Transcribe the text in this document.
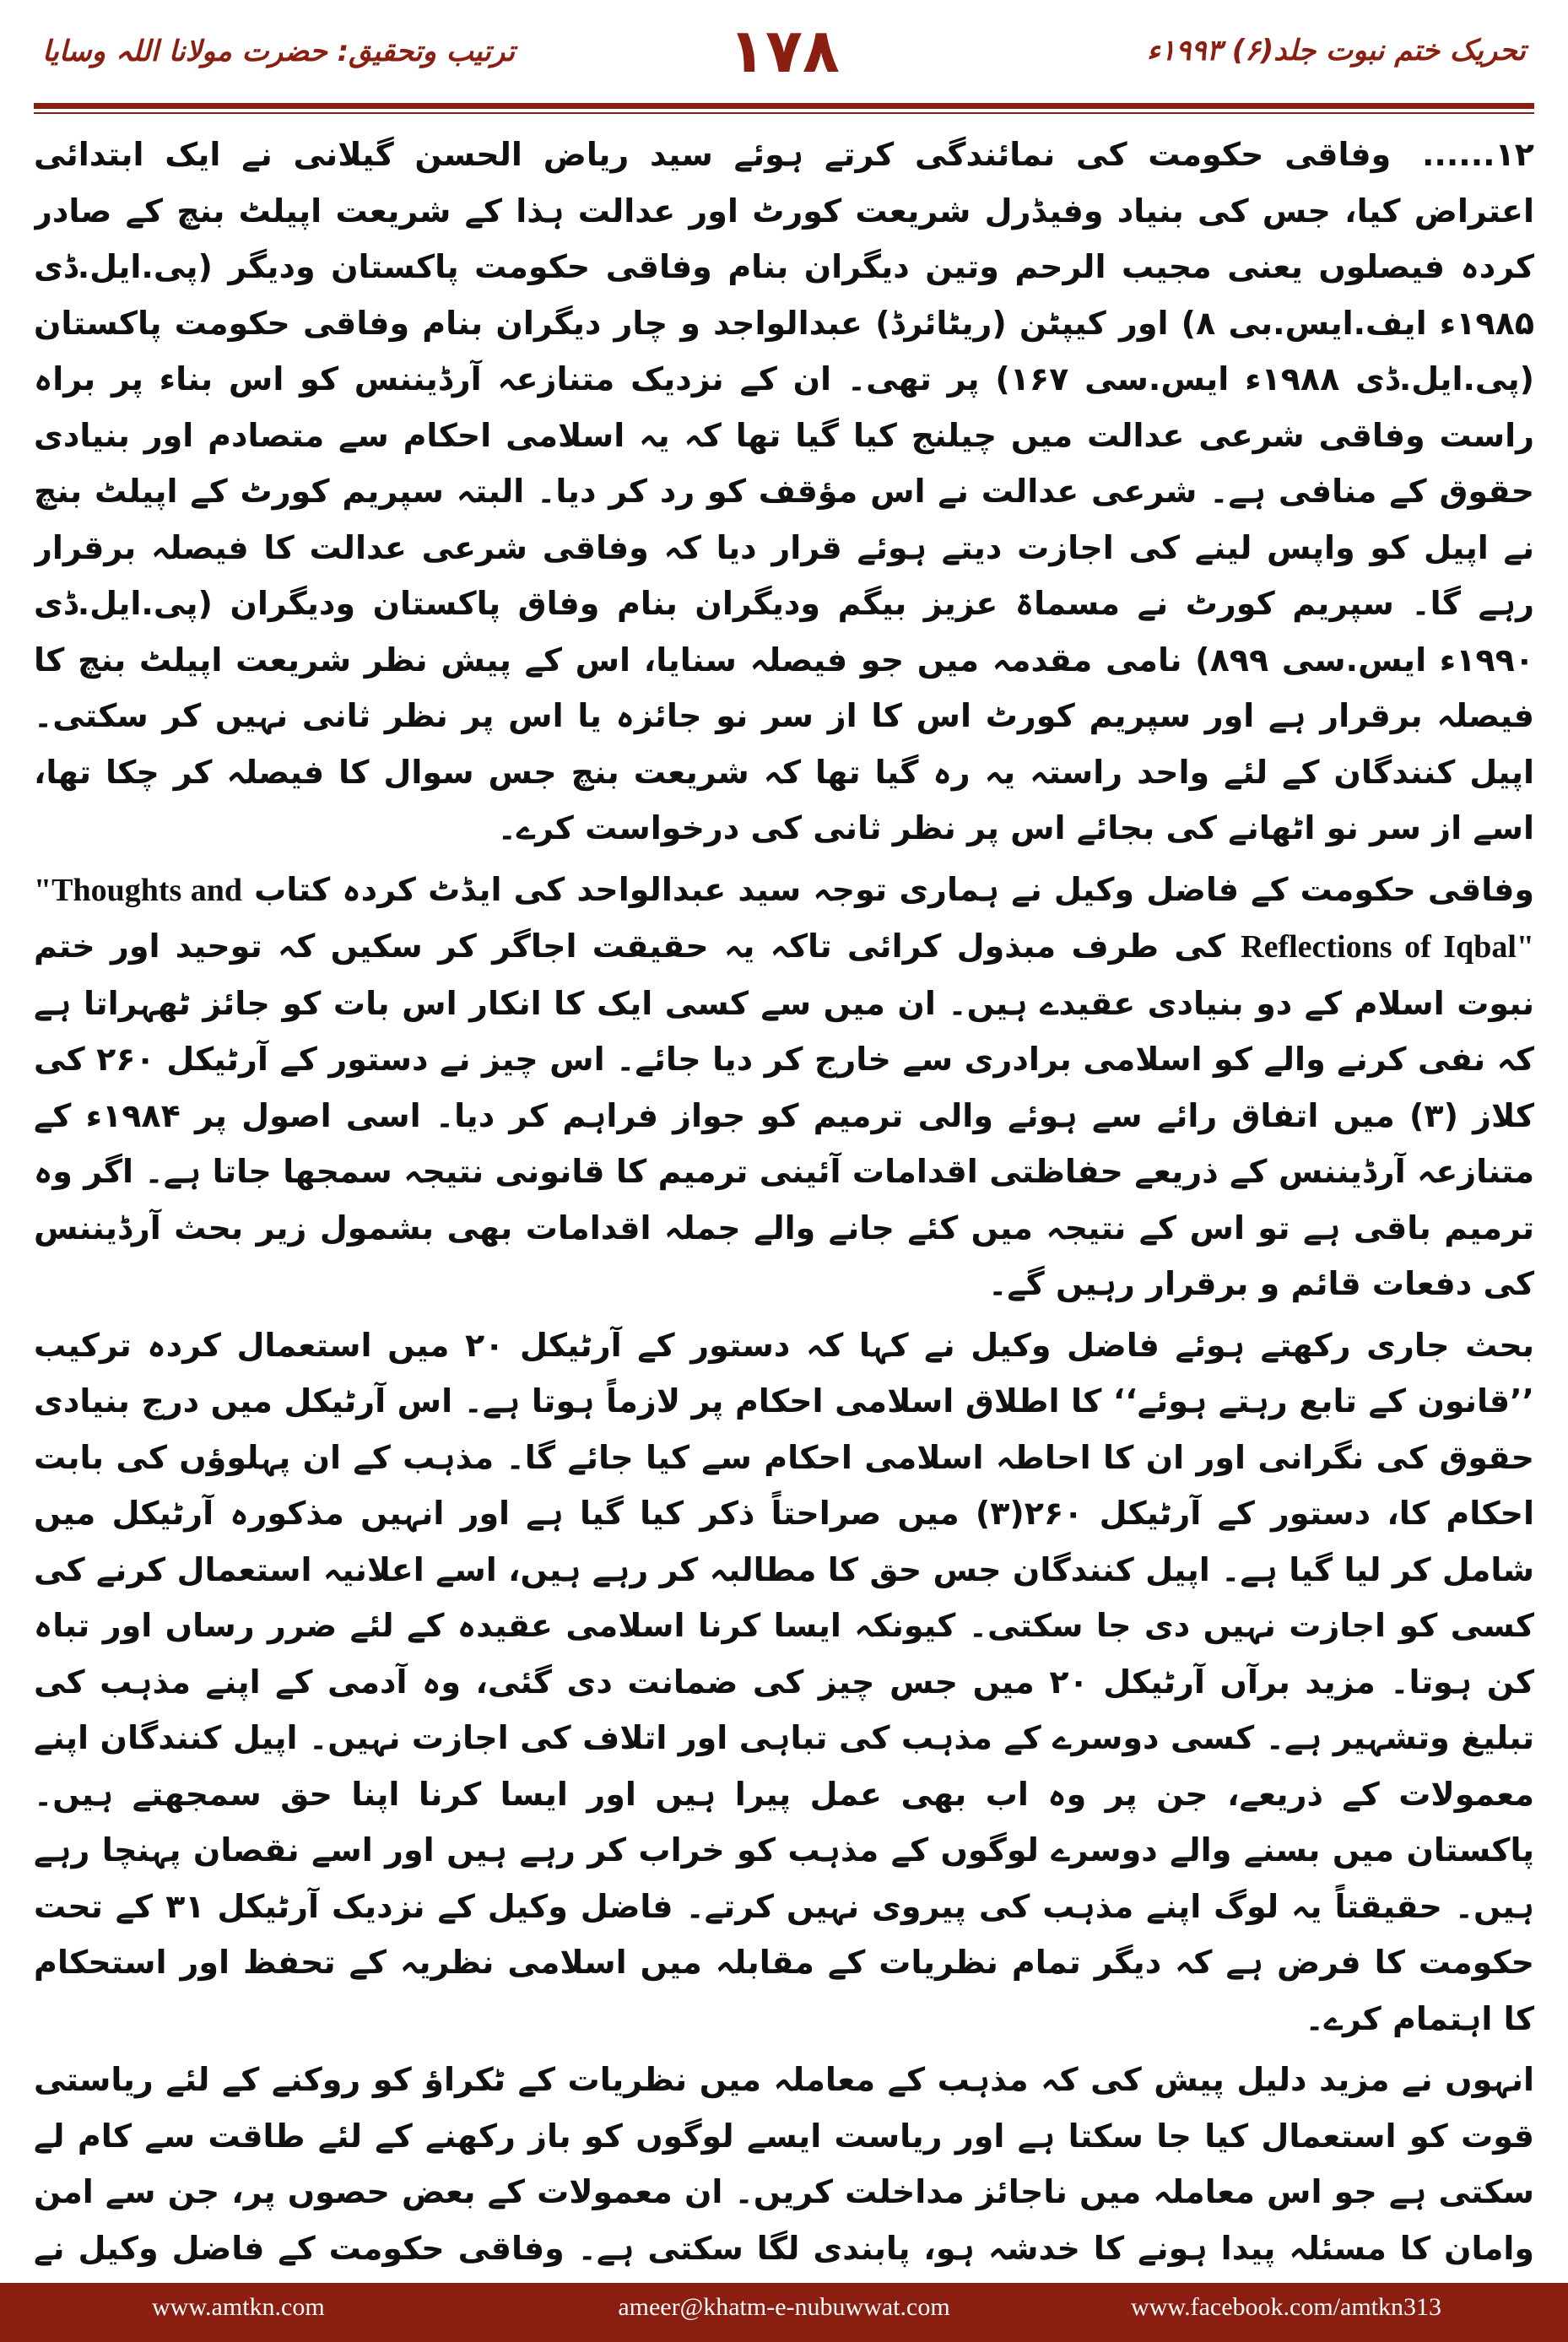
تحریک ختم نبوت جلد(۶) ۱۹۹۳ء
۱۷۸
ترتیب وتحقیق: حضرت مولانا اللہ وسایا

۱۲...... وفاقی حکومت کی نمائندگی کرتے ہوئے سید ریاض الحسن گیلانی نے ایک ابتدائی اعتراض کیا، جس کی بنیاد وفیڈرل شریعت کورٹ اور عدالت ہذا کے شریعت اپیلٹ بنچ کے صادر کردہ فیصلوں یعنی مجیب الرحم وتین دیگران بنام وفاقی حکومت پاکستان ودیگر (پی.ایل.ڈی ۱۹۸۵ء ایف.ایس.بی ۸) اور کیپٹن (ریٹائرڈ) عبدالواجد و چار دیگران بنام وفاقی حکومت پاکستان (پی.ایل.ڈی ۱۹۸۸ء ایس.سی ۱۶۷) پر تھی۔ ان کے نزدیک متنازعہ آرڈیننس کو اس بناء پر براہ راست وفاقی شرعی عدالت میں چیلنج کیا گیا تھا کہ یہ اسلامی احکام سے متصادم اور بنیادی حقوق کے منافی ہے۔ شرعی عدالت نے اس مؤقف کو رد کر دیا۔ البتہ سپریم کورٹ کے اپیلٹ بنچ نے اپیل کو واپس لینے کی اجازت دیتے ہوئے قرار دیا کہ وفاقی شرعی عدالت کا فیصلہ برقرار رہے گا۔ سپریم کورٹ نے مسماۃ عزیز بیگم ودیگران بنام وفاق پاکستان ودیگران (پی.ایل.ڈی ۱۹۹۰ء ایس.سی ۸۹۹) نامی مقدمہ میں جو فیصلہ سنایا، اس کے پیش نظر شریعت اپیلٹ بنچ کا فیصلہ برقرار ہے اور سپریم کورٹ اس کا از سر نو جائزہ یا اس پر نظر ثانی نہیں کر سکتی۔ اپیل کنندگان کے لئے واحد راستہ یہ رہ گیا تھا کہ شریعت بنچ جس سوال کا فیصلہ کر چکا تھا، اسے از سر نو اٹھانے کی بجائے اس پر نظر ثانی کی درخواست کرے۔

وفاقی حکومت کے فاضل وکیل نے ہماری توجہ سید عبدالواحد کی ایڈٹ کردہ کتاب "Thoughts and Reflections of Iqbal" کی طرف مبذول کرائی تاکہ یہ حقیقت اجاگر کر سکیں کہ توحید اور ختم نبوت اسلام کے دو بنیادی عقیدے ہیں۔ ان میں سے کسی ایک کا انکار اس بات کو جائز ٹھہراتا ہے کہ نفی کرنے والے کو اسلامی برادری سے خارج کر دیا جائے۔ اس چیز نے دستور کے آرٹیکل ۲۶۰ کی کلاز (۳) میں اتفاق رائے سے ہوئے والی ترمیم کو جواز فراہم کر دیا۔ اسی اصول پر ۱۹۸۴ء کے متنازعہ آرڈیننس کے ذریعے حفاظتی اقدامات آئینی ترمیم کا قانونی نتیجہ سمجھا جاتا ہے۔ اگر وہ ترمیم باقی ہے تو اس کے نتیجہ میں کئے جانے والے جملہ اقدامات بھی بشمول زیر بحث آرڈیننس کی دفعات قائم و برقرار رہیں گے۔

بحث جاری رکھتے ہوئے فاضل وکیل نے کہا کہ دستور کے آرٹیکل ۲۰ میں استعمال کردہ ترکیب ’’قانون کے تابع رہتے ہوئے‘‘ کا اطلاق اسلامی احکام پر لازماً ہوتا ہے۔ اس آرٹیکل میں درج بنیادی حقوق کی نگرانی اور ان کا احاطہ اسلامی احکام سے کیا جائے گا۔ مذہب کے ان پہلوؤں کی بابت احکام کا، دستور کے آرٹیکل ۲۶۰(۳) میں صراحتاً ذکر کیا گیا ہے اور انہیں مذکورہ آرٹیکل میں شامل کر لیا گیا ہے۔ اپیل کنندگان جس حق کا مطالبہ کر رہے ہیں، اسے اعلانیہ استعمال کرنے کی کسی کو اجازت نہیں دی جا سکتی۔ کیونکہ ایسا کرنا اسلامی عقیدہ کے لئے ضرر رساں اور تباہ کن ہوتا۔ مزید برآں آرٹیکل ۲۰ میں جس چیز کی ضمانت دی گئی، وہ آدمی کے اپنے مذہب کی تبلیغ وتشہیر ہے۔ کسی دوسرے کے مذہب کی تباہی اور اتلاف کی اجازت نہیں۔ اپیل کنندگان اپنے معمولات کے ذریعے، جن پر وہ اب بھی عمل پیرا ہیں اور ایسا کرنا اپنا حق سمجھتے ہیں۔ پاکستان میں بسنے والے دوسرے لوگوں کے مذہب کو خراب کر رہے ہیں اور اسے نقصان پہنچا رہے ہیں۔ حقیقتاً یہ لوگ اپنے مذہب کی پیروی نہیں کرتے۔ فاضل وکیل کے نزدیک آرٹیکل ۳۱ کے تحت حکومت کا فرض ہے کہ دیگر تمام نظریات کے مقابلہ میں اسلامی نظریہ کے تحفظ اور استحکام کا اہتمام کرے۔

انہوں نے مزید دلیل پیش کی کہ مذہب کے معاملہ میں نظریات کے ٹکراؤ کو روکنے کے لئے ریاستی قوت کو استعمال کیا جا سکتا ہے اور ریاست ایسے لوگوں کو باز رکھنے کے لئے طاقت سے کام لے سکتی ہے جو اس معاملہ میں ناجائز مداخلت کریں۔ ان معمولات کے بعض حصوں پر، جن سے امن وامان کا مسئلہ پیدا ہونے کا خدشہ ہو، پابندی لگا سکتی ہے۔ وفاقی حکومت کے فاضل وکیل نے

www.amtkn.com	ameer@khatm-e-nubuwwat.com	www.facebook.com/amtkn313
